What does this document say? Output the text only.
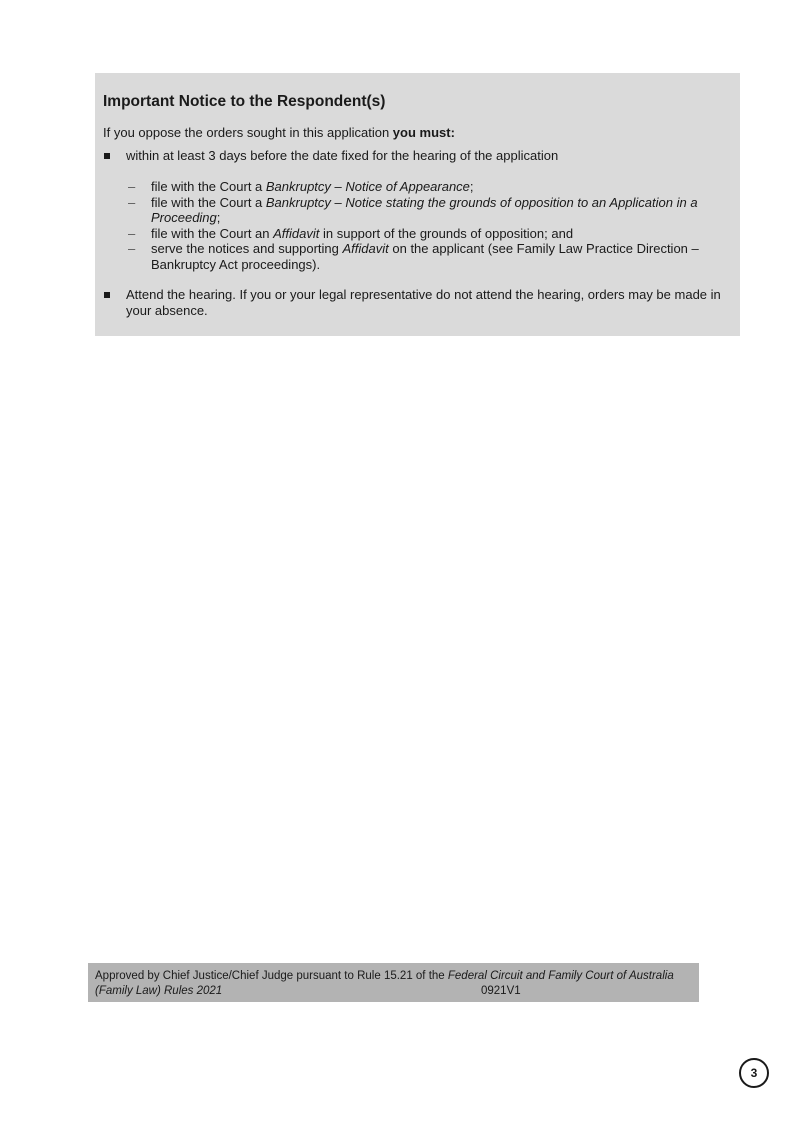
Important Notice to the Respondent(s)
If you oppose the orders sought in this application you must:
within at least 3 days before the date fixed for the hearing of the application
– file with the Court a Bankruptcy – Notice of Appearance;
– file with the Court a Bankruptcy – Notice stating the grounds of opposition to an Application in a Proceeding;
– file with the Court an Affidavit in support of the grounds of opposition; and
– serve the notices and supporting Affidavit on the applicant (see Family Law Practice Direction – Bankruptcy Act proceedings).
Attend the hearing. If you or your legal representative do not attend the hearing, orders may be made in your absence.
Approved by Chief Justice/Chief Judge pursuant to Rule 15.21 of the Federal Circuit and Family Court of Australia (Family Law) Rules 2021	0921V1
3
